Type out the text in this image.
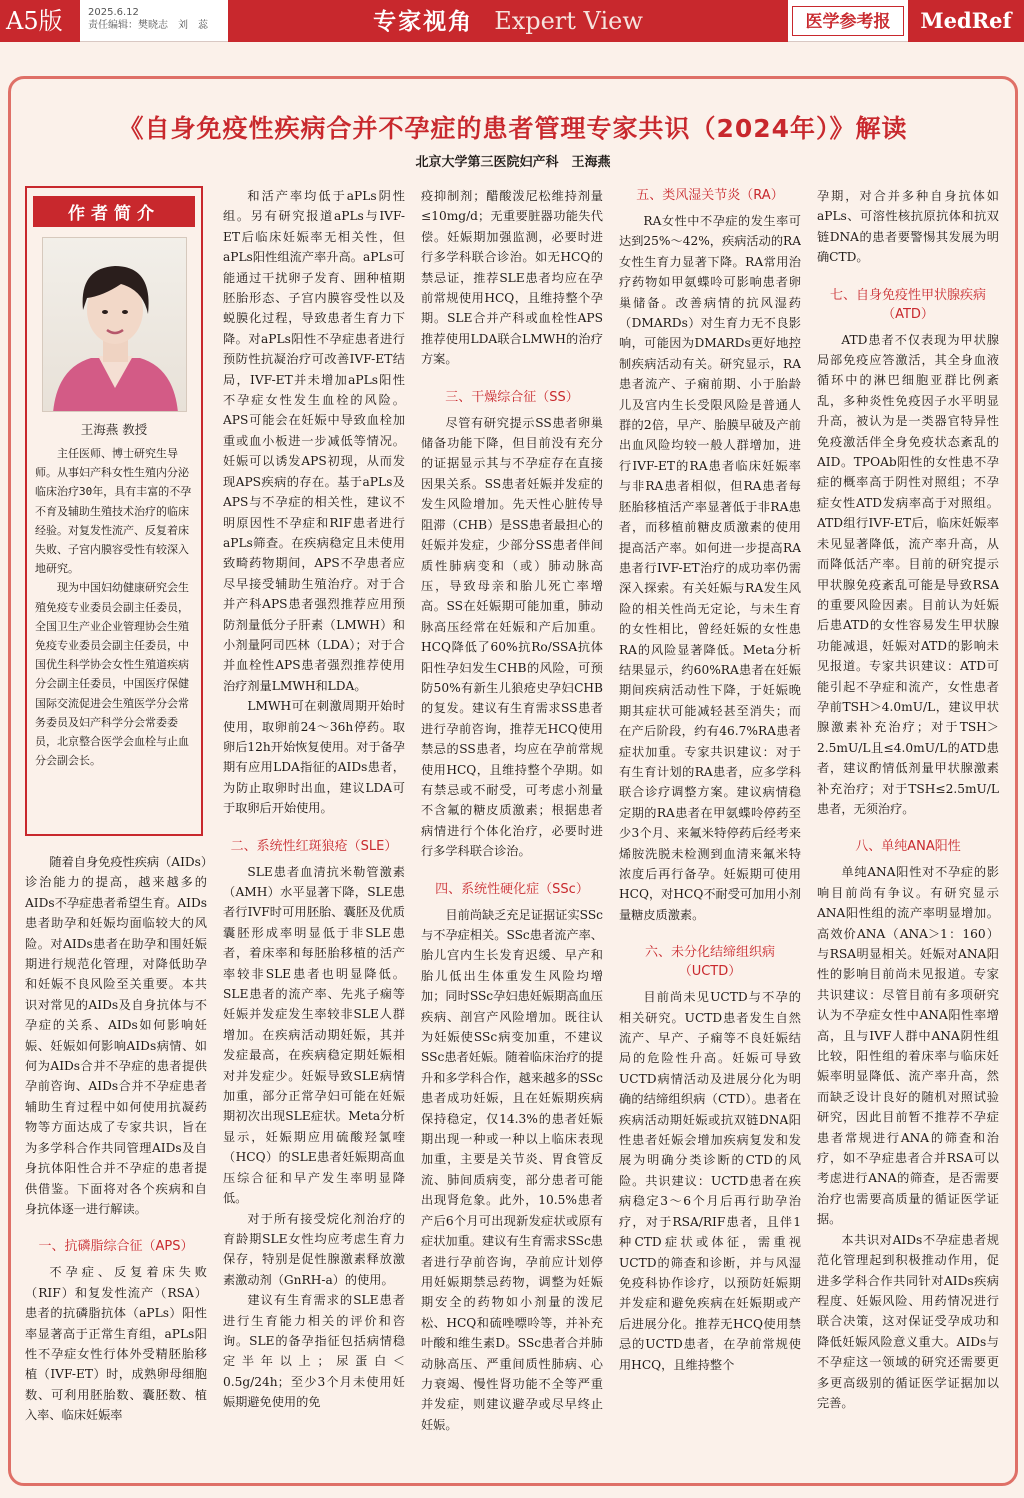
A5版	2025.6.12
责任编辑：樊晓志　刘　蕊	专家视角 Expert View	医学参考报	MedRef
《自身免疫性疾病合并不孕症的患者管理专家共识（2024年）》解读
北京大学第三医院妇产科　王海燕
作者简介
王海燕 教授

主任医师、博士研究生导师。从事妇产科女性生殖内分泌临床治疗30年，具有丰富的不孕不育及辅助生殖技术治疗的临床经验。对复发性流产、反复着床失败、子宫内膜容受性有较深入地研究。

现为中国妇幼健康研究会生殖免疫专业委员会副主任委员，全国卫生产业企业管理协会生殖免疫专业委员会副主任委员，中国优生科学协会女性生殖道疾病分会副主任委员，中国医疗保健国际交流促进会生殖医学分会常务委员及妇产科学分会常委委员，北京整合医学会血栓与止血分会副会长。

随着自身免疫性疾病（AIDs）诊治能力的提高，越来越多的AIDs不孕症患者希望生育。AIDs患者助孕和妊娠均面临较大的风险。对AIDs患者在助孕和围妊娠期进行规范化管理，对降低助孕和妊娠不良风险至关重要。本共识对常见的AIDs及自身抗体与不孕症的关系、AIDs如何影响妊娠、妊娠如何影响AIDs病情、如何为AIDs合并不孕症的患者提供孕前咨询、AIDs合并不孕症患者辅助生育过程中如何使用抗凝药物等方面达成了专家共识，旨在为多学科合作共同管理AIDs及自身抗体阳性合并不孕症的患者提供借鉴。下面将对各个疾病和自身抗体逐一进行解读。

一、抗磷脂综合征（APS）

不孕症、反复着床失败（RIF）和复发性流产（RSA）患者的抗磷脂抗体（aPLs）阳性率显著高于正常生育组，aPLs阳性不孕症女性行体外受精胚胎移植（IVF-ET）时，成熟卵母细胞数、可利用胚胎数、囊胚数、植入率、临床妊娠率

和活产率均低于aPLs阴性组。另有研究报道aPLs与IVF-ET后临床妊娠率无相关性，但aPLs阳性组流产率升高。aPLs可能通过干扰卵子发育、囲种植期胚胎形态、子宫内膜容受性以及蜕膜化过程，导致患者生育力下降。对aPLs阳性不孕症患者进行预防性抗凝治疗可改善IVF-ET结局，IVF-ET并未增加aPLs阳性不孕症女性发生血栓的风险。APS可能会在妊娠中导致血栓加重或血小板进一步减低等情况。妊娠可以诱发APS初现，从而发现APS疾病的存在。基于aPLs及APS与不孕症的相关性，建议不明原因性不孕症和RIF患者进行aPLs筛查。在疾病稳定且未使用致畸药物期间，APS不孕患者应尽早接受辅助生殖治疗。对于合并产科APS患者强烈推荐应用预防剂量低分子肝素（LMWH）和小剂量阿司匹林（LDA）；对于合并血栓性APS患者强烈推荐使用治疗剂量LMWH和LDA。

LMWH可在刺激周期开始时使用，取卵前24～36h停药。取卵后12h开始恢复使用。对于备孕期有应用LDA指征的AIDs患者，为防止取卵时出血，建议LDA可于取卵后开始使用。

二、系统性红斑狼疮（SLE）

SLE患者血清抗米勒管激素（AMH）水平显著下降，SLE患者行IVF时可用胚胎、囊胚及优质囊胚形成率明显低于非SLE患者，着床率和每胚胎移植的活产率较非SLE患者也明显降低。SLE患者的流产率、先兆子痫等妊娠并发症发生率较非SLE人群增加。在疾病活动期妊娠，其并发症最高，在疾病稳定期妊娠相对并发症少。妊娠导致SLE病情加重，部分正常孕妇可能在妊娠期初次出现SLE症状。Meta分析显示，妊娠期应用硫酸羟氯喹（HCQ）的SLE患者妊娠期高血压综合征和早产发生率明显降低。

对于所有接受烷化剂治疗的育龄期SLE女性均应考虑生育力保存，特别是促性腺激素释放激素激动剂（GnRH-a）的使用。

建议有生育需求的SLE患者进行生育能力相关的评价和咨询。SLE的备孕指征包括病情稳定半年以上；尿蛋白＜0.5g/24h；至少3个月未使用妊娠期避免使用的免

疫抑制剂；醋酸泼尼松维持剂量≤10mg/d；无重要脏器功能失代偿。妊娠期加强监测，必要时进行多学科联合诊治。如无HCQ的禁忌证，推荐SLE患者均应在孕前常规使用HCQ，且维持整个孕期。SLE合并产科或血栓性APS推荐使用LDA联合LMWH的治疗方案。

三、干燥综合征（SS）

尽管有研究提示SS患者卵巢储备功能下降，但目前没有充分的证据显示其与不孕症存在直接因果关系。SS患者妊娠并发症的发生风险增加。先天性心脏传导阻滞（CHB）是SS患者最担心的妊娠并发症，少部分SS患者伴间质性肺病变和（或）肺动脉高压，导致母亲和胎儿死亡率增高。SS在妊娠期可能加重，肺动脉高压经常在妊娠和产后加重。HCQ降低了60%抗Ro/SSA抗体阳性孕妇发生CHB的风险，可预防50%有新生儿狼疮史孕妇CHB的复发。建议有生育需求SS患者进行孕前咨询，推荐无HCQ使用禁忌的SS患者，均应在孕前常规使用HCQ，且维持整个孕期。如有禁忌或不耐受，可考虑小剂量不含氟的糖皮质激素；根据患者病情进行个体化治疗，必要时进行多学科联合诊治。

四、系统性硬化症（SSc）

目前尚缺乏充足证据证实SSc与不孕症相关。SSc患者流产率、胎儿宫内生长发育迟缓、早产和胎儿低出生体重发生风险均增加；同时SSc孕妇患妊娠期高血压疾病、剖宫产风险增加。既往认为妊娠使SSc病变加重，不建议SSc患者妊娠。随着临床治疗的提升和多学科合作，越来越多的SSc患者成功妊娠，且在妊娠期疾病保持稳定，仅14.3%的患者妊娠期出现一种或一种以上临床表现加重，主要是关节炎、胃食管反流、肺间质病变，部分患者可能出现肾危象。此外，10.5%患者产后6个月可出现新发症状或原有症状加重。建议有生育需求SSc患者进行孕前咨询，孕前应计划停用妊娠期禁忌药物，调整为妊娠期安全的药物如小剂量的泼尼松、HCQ和硫唑嘌呤等，并补充叶酸和维生素D。SSc患者合并肺动脉高压、严重间质性肺病、心力衰竭、慢性肾功能不全等严重并发症，则建议避孕或尽早终止妊娠。

五、类风湿关节炎（RA）

RA女性中不孕症的发生率可达到25%～42%，疾病活动的RA女性生育力显著下降。RA常用治疗药物如甲氨蝶呤可影响患者卵巢储备。改善病情的抗风湿药（DMARDs）对生育力无不良影响，可能因为DMARDs更好地控制疾病活动有关。研究显示，RA患者流产、子痫前期、小于胎龄儿及宫内生长受限风险是普通人群的2倍，早产、胎膜早破及产前出血风险均较一般人群增加，进行IVF-ET的RA患者临床妊娠率与非RA患者相似，但RA患者每胚胎移植活产率显著低于非RA患者，而移植前糖皮质激素的使用提高活产率。如何进一步提高RA患者行IVF-ET治疗的成功率仍需深入探索。有关妊娠与RA发生风险的相关性尚无定论，与未生育的女性相比，曾经妊娠的女性患RA的风险显著降低。Meta分析结果显示，约60%RA患者在妊娠期间疾病活动性下降，于妊娠晚期其症状可能减轻甚至消失；而在产后阶段，约有46.7%RA患者症状加重。专家共识建议：对于有生育计划的RA患者，应多学科联合诊疗调整方案。建议病情稳定期的RA患者在甲氨蝶呤停药至少3个月、来氟米特停药后经考来烯胺洗脱未检测到血清来氟米特浓度后再行备孕。妊娠期可使用HCQ，对HCQ不耐受可加用小剂量糖皮质激素。

六、未分化结缔组织病（UCTD）

目前尚未见UCTD与不孕的相关研究。UCTD患者发生自然流产、早产、子痫等不良妊娠结局的危险性升高。妊娠可导致UCTD病情活动及进展分化为明确的结缔组织病（CTD）。患者在疾病活动期妊娠或抗双链DNA阳性患者妊娠会增加疾病复发和发展为明确分类诊断的CTD的风险。共识建议：UCTD患者在疾病稳定3～6个月后再行助孕治疗，对于RSA/RIF患者，且伴1种CTD症状或体征，需重视UCTD的筛查和诊断，并与风湿免疫科协作诊疗，以预防妊娠期并发症和避免疾病在妊娠期或产后进展分化。推荐无HCQ使用禁忌的UCTD患者，在孕前常规使用HCQ，且维持整个

孕期，对合并多种自身抗体如aPLs、可溶性核抗原抗体和抗双链DNA的患者要警惕其发展为明确CTD。

七、自身免疫性甲状腺疾病（ATD）

ATD患者不仅表现为甲状腺局部免疫应答激活，其全身血液循环中的淋巴细胞亚群比例紊乱，多种炎性免疫因子水平明显升高，被认为是一类器官特异性免疫激活伴全身免疫状态紊乱的AID。TPOAb阳性的女性患不孕症的概率高于阴性对照组；不孕症女性ATD发病率高于对照组。ATD组行IVF-ET后，临床妊娠率未见显著降低，流产率升高，从而降低活产率。目前的研究提示甲状腺免疫紊乱可能是导致RSA的重要风险因素。目前认为妊娠后患ATD的女性容易发生甲状腺功能减退，妊娠对ATD的影响未见报道。专家共识建议：ATD可能引起不孕症和流产，女性患者孕前TSH＞4.0mU/L，建议甲状腺激素补充治疗；对于TSH＞2.5mU/L且≤4.0mU/L的ATD患者，建议酌情低剂量甲状腺激素补充治疗；对于TSH≤2.5mU/L患者，无须治疗。

八、单纯ANA阳性

单纯ANA阳性对不孕症的影响目前尚有争议。有研究显示ANA阳性组的流产率明显增加。高效价ANA（ANA＞1：160）与RSA明显相关。妊娠对ANA阳性的影响目前尚未见报道。专家共识建议：尽管目前有多项研究认为不孕症女性中ANA阳性率增高，且与IVF人群中ANA阴性组比较，阳性组的着床率与临床妊娠率明显降低、流产率升高，然而缺乏设计良好的随机对照试验研究，因此目前暂不推荐不孕症患者常规进行ANA的筛查和治疗，如不孕症患者合并RSA可以考虑进行ANA的筛查，是否需要治疗也需要高质量的循证医学证据。

本共识对AIDs不孕症患者规范化管理起到积极推动作用，促进多学科合作共同针对AIDs疾病程度、妊娠风险、用药情况进行联合决策，这对保证受孕成功和降低妊娠风险意义重大。AIDs与不孕症这一领域的研究还需要更多更高级别的循证医学证据加以完善。
